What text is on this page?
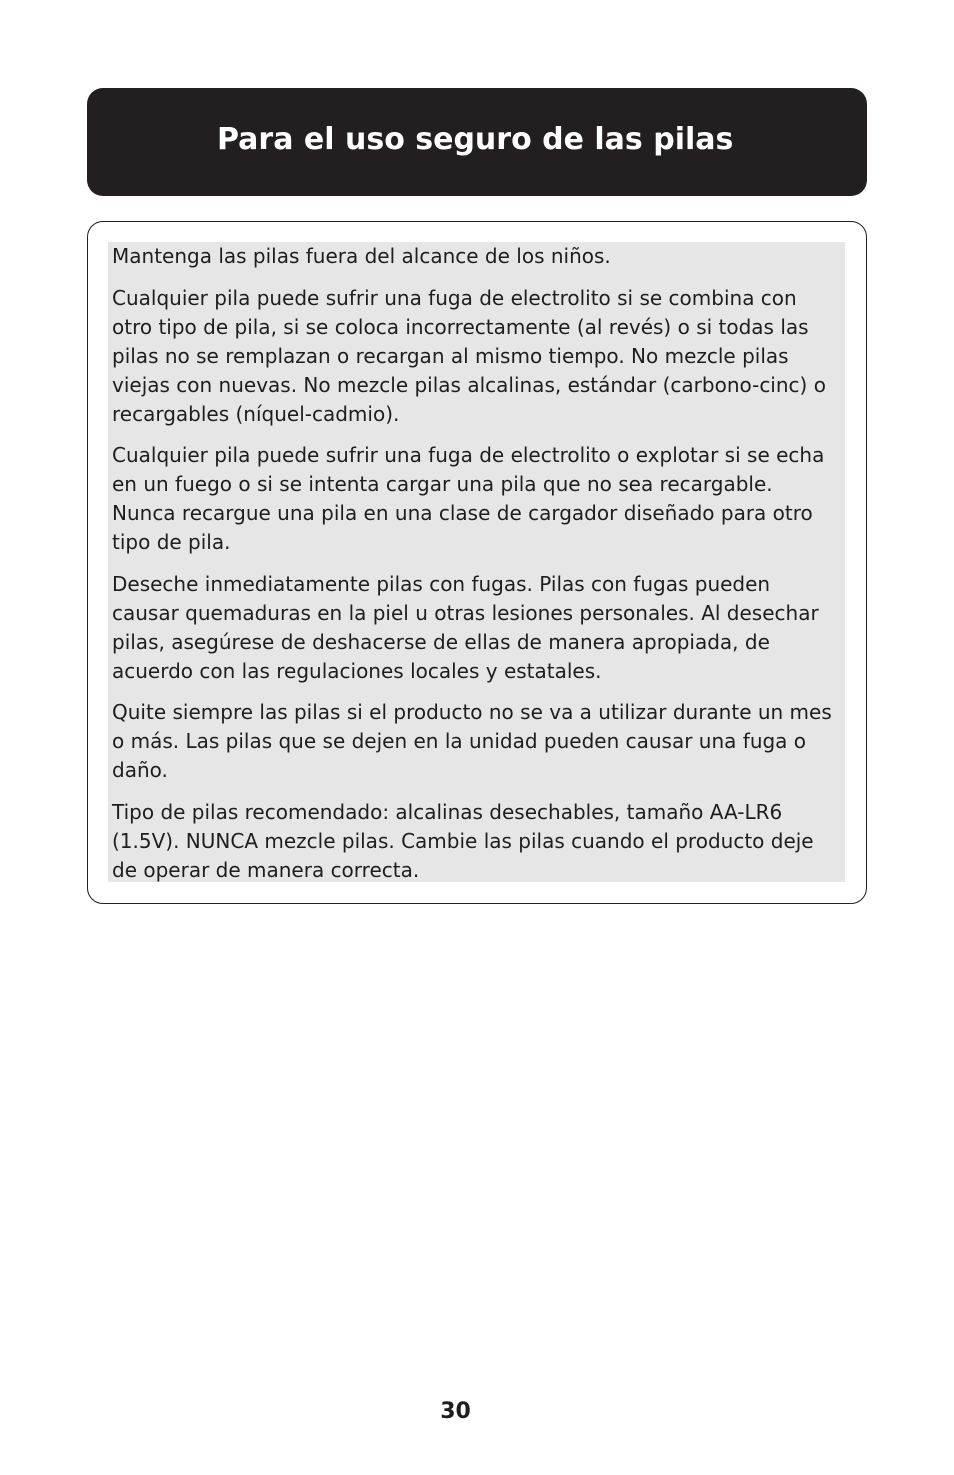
Para el uso seguro de las pilas

Mantenga las pilas fuera del alcance de los niños.

Cualquier pila puede sufrir una fuga de electrolito si se combina con otro tipo de pila, si se coloca incorrectamente (al revés) o si todas las pilas no se remplazan o recargan al mismo tiempo. No mezcle pilas viejas con nuevas. No mezcle pilas alcalinas, estándar (carbono-cinc) o recargables (níquel-cadmio).

Cualquier pila puede sufrir una fuga de electrolito o explotar si se echa en un fuego o si se intenta cargar una pila que no sea recargable. Nunca recargue una pila en una clase de cargador diseñado para otro tipo de pila.

Deseche inmediatamente pilas con fugas. Pilas con fugas pueden causar quemaduras en la piel u otras lesiones personales. Al desechar pilas, asegúrese de deshacerse de ellas de manera apropiada, de acuerdo con las regulaciones locales y estatales.

Quite siempre las pilas si el producto no se va a utilizar durante un mes o más. Las pilas que se dejen en la unidad pueden causar una fuga o daño.

Tipo de pilas recomendado: alcalinas desechables, tamaño AA-LR6 (1.5V). NUNCA mezcle pilas. Cambie las pilas cuando el producto deje de operar de manera correcta.

30
